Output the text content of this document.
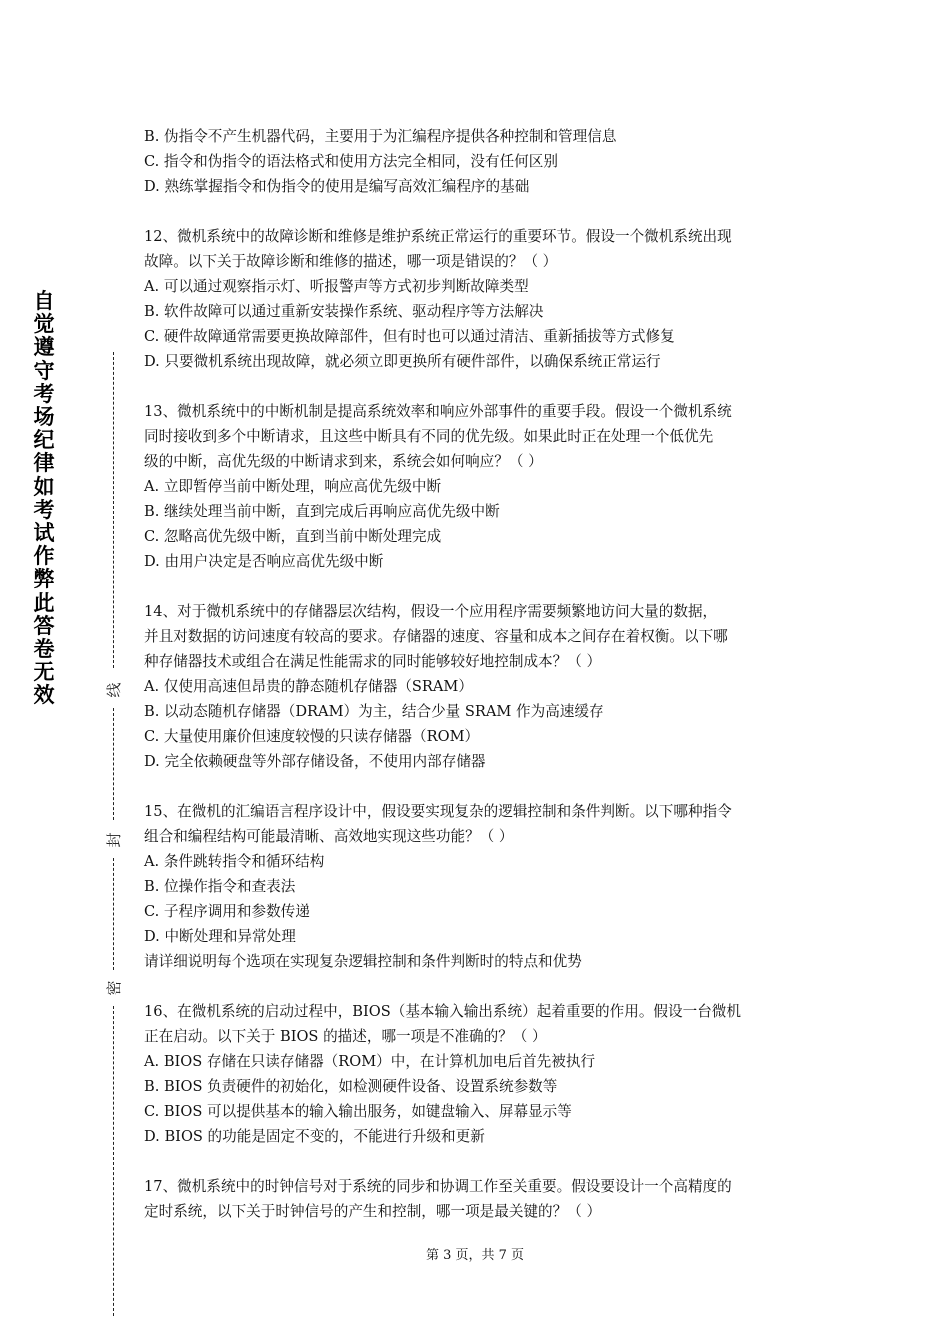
自
觉
遵
守
考
场
纪
律
如
考
试
作
弊
此
答
卷
无
效	线
封
密
B. 伪指令不产生机器代码，主要用于为汇编程序提供各种控制和管理信息
C. 指令和伪指令的语法格式和使用方法完全相同，没有任何区别
D. 熟练掌握指令和伪指令的使用是编写高效汇编程序的基础
12、微机系统中的故障诊断和维修是维护系统正常运行的重要环节。假设一个微机系统出现
故障。以下关于故障诊断和维修的描述，哪一项是错误的？（ ）
A. 可以通过观察指示灯、听报警声等方式初步判断故障类型
B. 软件故障可以通过重新安装操作系统、驱动程序等方法解决
C. 硬件故障通常需要更换故障部件，但有时也可以通过清洁、重新插拔等方式修复
D. 只要微机系统出现故障，就必须立即更换所有硬件部件，以确保系统正常运行
13、微机系统中的中断机制是提高系统效率和响应外部事件的重要手段。假设一个微机系统
同时接收到多个中断请求，且这些中断具有不同的优先级。如果此时正在处理一个低优先
级的中断，高优先级的中断请求到来，系统会如何响应？（ ）
A. 立即暂停当前中断处理，响应高优先级中断
B. 继续处理当前中断，直到完成后再响应高优先级中断
C. 忽略高优先级中断，直到当前中断处理完成
D. 由用户决定是否响应高优先级中断
14、对于微机系统中的存储器层次结构，假设一个应用程序需要频繁地访问大量的数据，
并且对数据的访问速度有较高的要求。存储器的速度、容量和成本之间存在着权衡。以下哪
种存储器技术或组合在满足性能需求的同时能够较好地控制成本？（ ）
A. 仅使用高速但昂贵的静态随机存储器（SRAM）
B. 以动态随机存储器（DRAM）为主，结合少量 SRAM 作为高速缓存
C. 大量使用廉价但速度较慢的只读存储器（ROM）
D. 完全依赖硬盘等外部存储设备，不使用内部存储器
15、在微机的汇编语言程序设计中，假设要实现复杂的逻辑控制和条件判断。以下哪种指令
组合和编程结构可能最清晰、高效地实现这些功能？（ ）
A. 条件跳转指令和循环结构
B. 位操作指令和查表法
C. 子程序调用和参数传递
D. 中断处理和异常处理
请详细说明每个选项在实现复杂逻辑控制和条件判断时的特点和优势
16、在微机系统的启动过程中，BIOS（基本输入输出系统）起着重要的作用。假设一台微机
正在启动。以下关于 BIOS 的描述，哪一项是不准确的？（ ）
A. BIOS 存储在只读存储器（ROM）中，在计算机加电后首先被执行
B. BIOS 负责硬件的初始化，如检测硬件设备、设置系统参数等
C. BIOS 可以提供基本的输入输出服务，如键盘输入、屏幕显示等
D. BIOS 的功能是固定不变的，不能进行升级和更新
17、微机系统中的时钟信号对于系统的同步和协调工作至关重要。假设要设计一个高精度的
定时系统，以下关于时钟信号的产生和控制，哪一项是最关键的？（ ）
第 3 页，共 7 页
